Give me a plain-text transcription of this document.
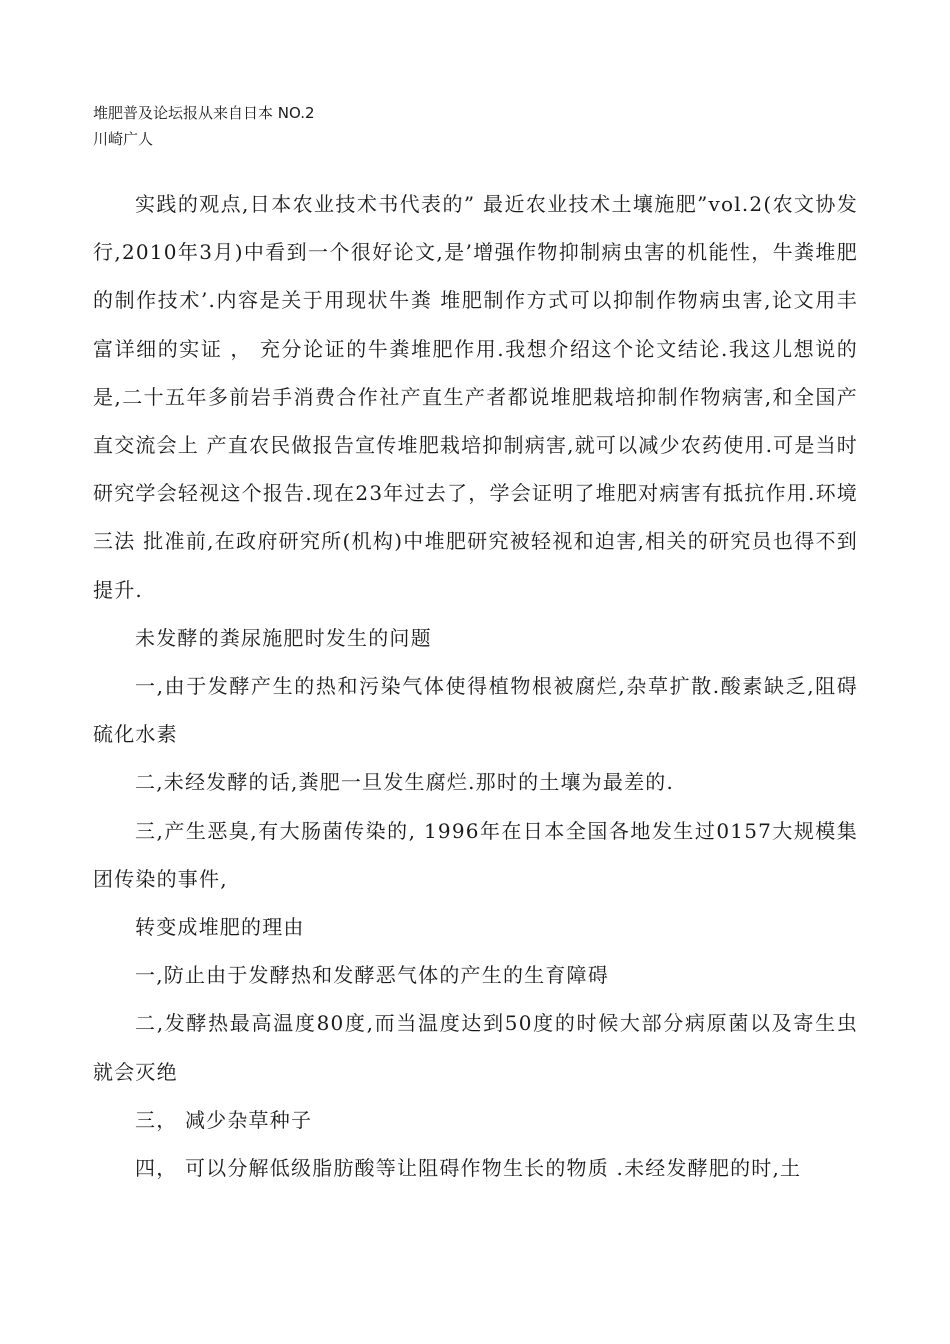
堆肥普及论坛报从来自日本 NO.2
川崎广人

实践的观点,日本农业技术书代表的” 最近农业技术土壤施肥”vol.2(农文协发行,2010年3月)中看到一个很好论文,是’增强作物抑制病虫害的机能性，牛粪堆肥的制作技术’.内容是关于用现状牛粪 堆肥制作方式可以抑制作物病虫害,论文用丰富详细的实证 ， 充分论证的牛粪堆肥作用.我想介绍这个论文结论.我这儿想说的是,二十五年多前岩手消费合作社产直生产者都说堆肥栽培抑制作物病害,和全国产直交流会上 产直农民做报告宣传堆肥栽培抑制病害,就可以减少农药使用.可是当时研究学会轻视这个报告.现在23年过去了，学会证明了堆肥对病害有抵抗作用.环境三法 批准前,在政府研究所(机构)中堆肥研究被轻视和迫害,相关的研究员也得不到提升.

未发酵的粪尿施肥时发生的问题

一,由于发酵产生的热和污染气体使得植物根被腐烂,杂草扩散.酸素缺乏,阻碍硫化水素

二,未经发酵的话,粪肥一旦发生腐烂.那时的土壤为最差的.

三,产生恶臭,有大肠菌传染的, 1996年在日本全国各地发生过0157大规模集团传染的事件,

转变成堆肥的理由

一,防止由于发酵热和发酵恶气体的产生的生育障碍

二,发酵热最高温度80度,而当温度达到50度的时候大部分病原菌以及寄生虫就会灭绝

三， 减少杂草种子

四， 可以分解低级脂肪酸等让阻碍作物生长的物质 .未经发酵肥的时,土
